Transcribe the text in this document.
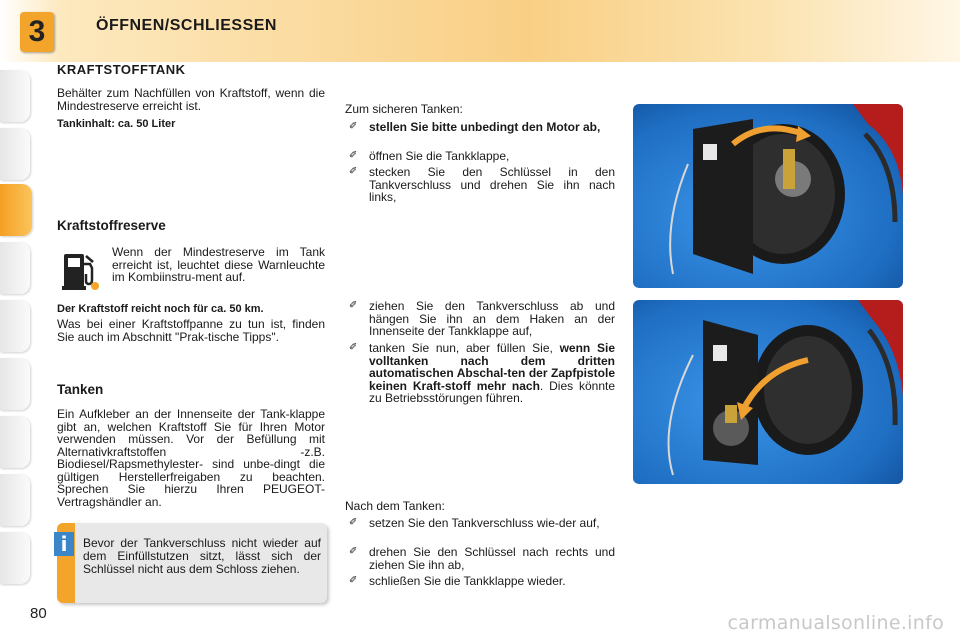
3	ÖFFNEN/SCHLIESSEN
KRAFTSTOFFTANK

Behälter zum Nachfüllen von Kraftstoff, wenn die Mindestreserve erreicht ist.

Tankinhalt: ca. 50 Liter

Kraftstoffreserve

Wenn der Mindestreserve im Tank erreicht ist, leuchtet diese Warnleuchte im Kombiinstru-ment auf.

Der Kraftstoff reicht noch für ca. 50 km.

Was bei einer Kraftstoffpanne zu tun ist, finden Sie auch im Abschnitt "Prak-tische Tipps".

Tanken

Ein Aufkleber an der Innenseite der Tank-klappe gibt an, welchen Kraftstoff Sie für Ihren Motor verwenden müssen. Vor der Befüllung mit Alternativkraftstoffen -z.B. Biodiesel/Rapsmethylester- sind unbe-dingt die gültigen Herstellerfreigaben zu beachten. Sprechen Sie hierzu Ihren PEUGEOT-Vertragshändler an.

i	Bevor der Tankverschluss nicht wieder auf dem Einfüllstutzen sitzt, lässt sich der Schlüssel nicht aus dem Schloss ziehen.

Zum sicheren Tanken:

✐ stellen Sie bitte unbedingt den Motor ab,
✐ öffnen Sie die Tankklappe,
✐ stecken Sie den Schlüssel in den Tankverschluss und drehen Sie ihn nach links,
✐ ziehen Sie den Tankverschluss ab und hängen Sie ihn an dem Haken an der Innenseite der Tankklappe auf,
✐ tanken Sie nun, aber füllen Sie, wenn Sie volltanken nach dem dritten automatischen Abschal-ten der Zapfpistole keinen Kraft-stoff mehr nach. Dies könnte zu Betriebsstörungen führen.

Nach dem Tanken:

✐ setzen Sie den Tankverschluss wie-der auf,
✐ drehen Sie den Schlüssel nach rechts und ziehen Sie ihn ab,
✐ schließen Sie die Tankklappe wieder.
80	carmanualsonline.info
